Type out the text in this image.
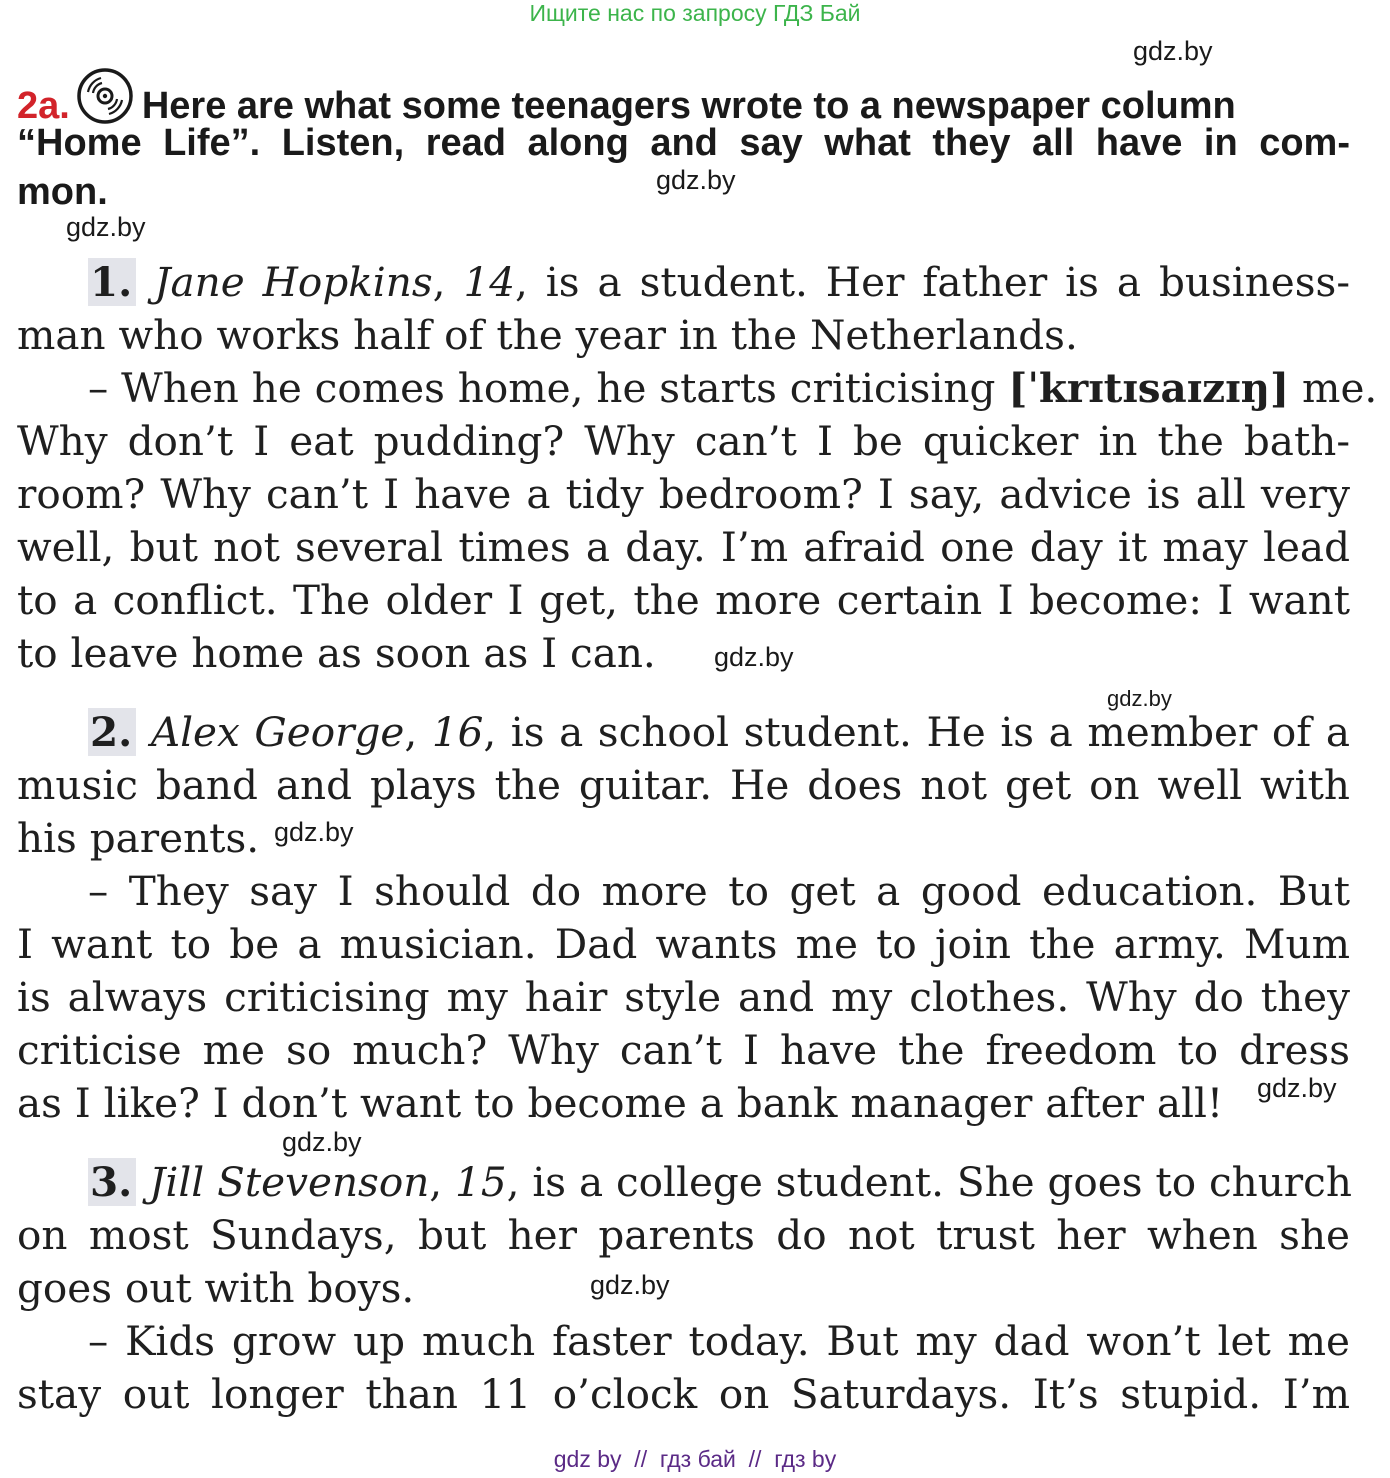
Ищите нас по запросу ГДЗ Бай
gdz.by
gdz.by
gdz.by
gdz.by
gdz.by
gdz.by
gdz.by
gdz.by
gdz.by
2a. Here are what some teenagers wrote to a newspaper column
“Home Life”. Listen, read along and say what they all have in com-
mon.
1. Jane Hopkins, 14, is a student. Her father is a business-
man who works half of the year in the Netherlands.
– When he comes home, he starts criticising [ˈkrɪtɪsaɪzɪŋ] me.
Why don’t I eat pudding? Why can’t I be quicker in the bath-
room? Why can’t I have a tidy bedroom? I say, advice is all very
well, but not several times a day. I’m afraid one day it may lead
to a conflict. The older I get, the more certain I become: I want
to leave home as soon as I can.
2. Alex George, 16, is a school student. He is a member of a
music band and plays the guitar. He does not get on well with
his parents.
– They say I should do more to get a good education. But
I want to be a musician. Dad wants me to join the army. Mum
is always criticising my hair style and my clothes. Why do they
criticise me so much? Why can’t I have the freedom to dress
as I like? I don’t want to become a bank manager after all!
3. Jill Stevenson, 15, is a college student. She goes to church
on most Sundays, but her parents do not trust her when she
goes out with boys.
– Kids grow up much faster today. But my dad won’t let me
stay out longer than 11 o’clock on Saturdays. It’s stupid. I’m
gdz by  //  гдз бай  //  гдз by
